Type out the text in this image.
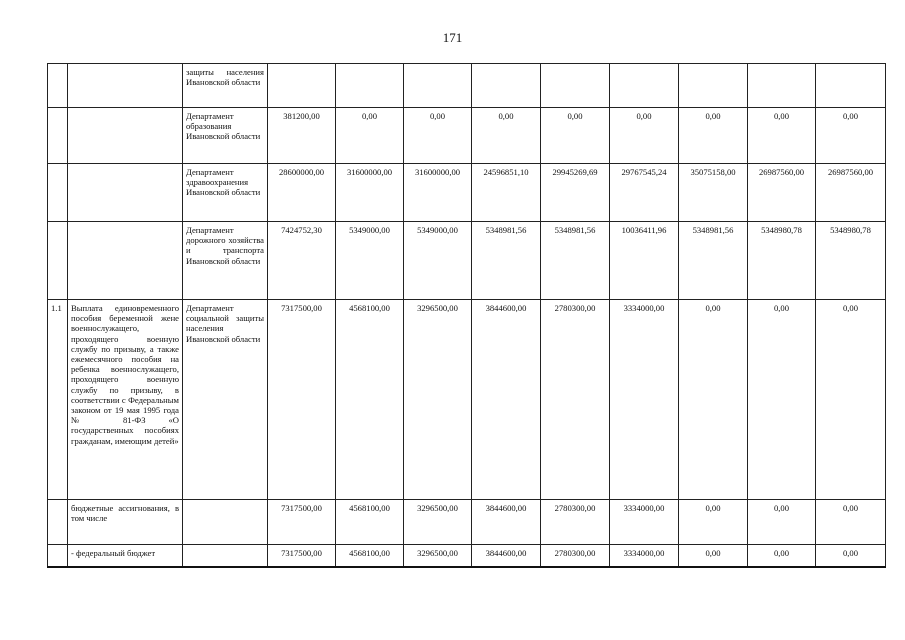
171
		защиты населения Ивановской области									
		Департамент образования Ивановской области	381200,00	0,00	0,00	0,00	0,00	0,00	0,00	0,00	0,00
		Департамент здравоохранения Ивановской области	28600000,00	31600000,00	31600000,00	24596851,10	29945269,69	29767545,24	35075158,00	26987560,00	26987560,00
		Департамент дорожного хозяйства и транспорта Ивановской области	7424752,30	5349000,00	5349000,00	5348981,56	5348981,56	10036411,96	5348981,56	5348980,78	5348980,78
1.1	Выплата единовременного пособия беременной жене военнослужащего, проходящего военную службу по призыву, а также ежемесячного пособия на ребенка военнослужащего, проходящего военную службу по призыву, в соответствии с Федеральным законом от 19 мая 1995 года № 81-ФЗ «О государственных пособиях гражданам, имеющим детей»	Департамент социальной защиты населения Ивановской области	7317500,00	4568100,00	3296500,00	3844600,00	2780300,00	3334000,00	0,00	0,00	0,00
	бюджетные ассигнования, в том числе		7317500,00	4568100,00	3296500,00	3844600,00	2780300,00	3334000,00	0,00	0,00	0,00
	- федеральный бюджет		7317500,00	4568100,00	3296500,00	3844600,00	2780300,00	3334000,00	0,00	0,00	0,00
